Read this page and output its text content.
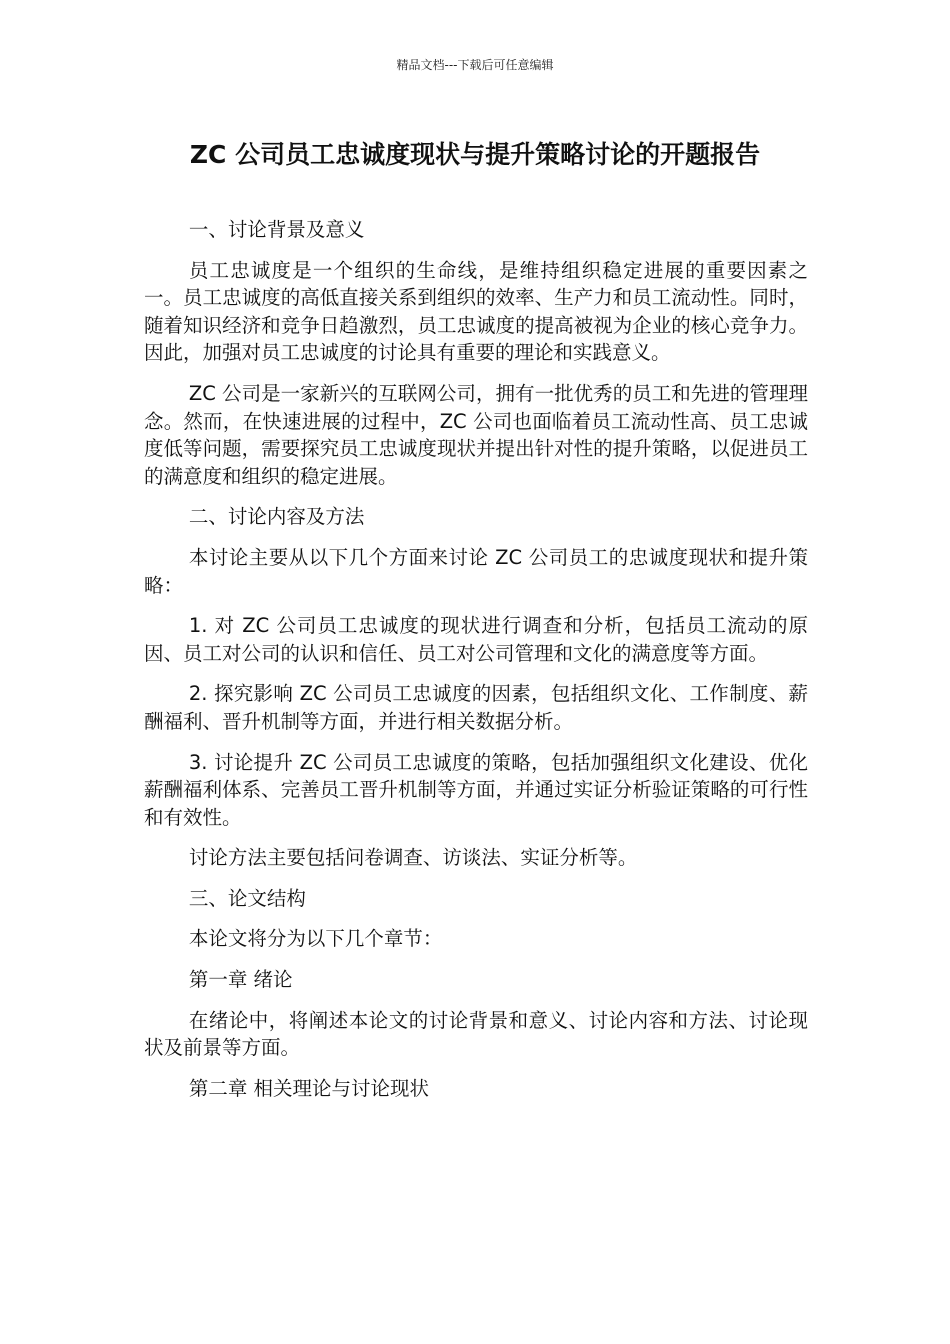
精品文档---下载后可任意编辑
ZC 公司员工忠诚度现状与提升策略讨论的开题报告

一、讨论背景及意义

员工忠诚度是一个组织的生命线，是维持组织稳定进展的重要因素之一。员工忠诚度的高低直接关系到组织的效率、生产力和员工流动性。同时，随着知识经济和竞争日趋激烈，员工忠诚度的提高被视为企业的核心竞争力。因此，加强对员工忠诚度的讨论具有重要的理论和实践意义。

ZC 公司是一家新兴的互联网公司，拥有一批优秀的员工和先进的管理理念。然而，在快速进展的过程中，ZC 公司也面临着员工流动性高、员工忠诚度低等问题，需要探究员工忠诚度现状并提出针对性的提升策略，以促进员工的满意度和组织的稳定进展。

二、讨论内容及方法

本讨论主要从以下几个方面来讨论 ZC 公司员工的忠诚度现状和提升策略：

1. 对 ZC 公司员工忠诚度的现状进行调查和分析，包括员工流动的原因、员工对公司的认识和信任、员工对公司管理和文化的满意度等方面。

2. 探究影响 ZC 公司员工忠诚度的因素，包括组织文化、工作制度、薪酬福利、晋升机制等方面，并进行相关数据分析。

3. 讨论提升 ZC 公司员工忠诚度的策略，包括加强组织文化建设、优化薪酬福利体系、完善员工晋升机制等方面，并通过实证分析验证策略的可行性和有效性。

讨论方法主要包括问卷调查、访谈法、实证分析等。

三、论文结构

本论文将分为以下几个章节：

第一章 绪论

在绪论中，将阐述本论文的讨论背景和意义、讨论内容和方法、讨论现状及前景等方面。

第二章 相关理论与讨论现状
